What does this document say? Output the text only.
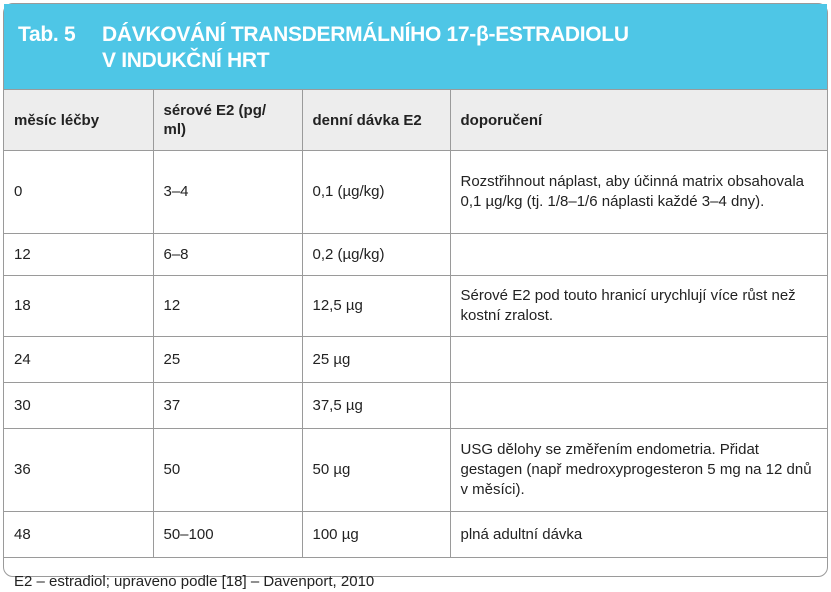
Tab. 5	DÁVKOVÁNÍ TRANSDERMÁLNÍHO 17-β-ESTRADIOLU
V INDUKČNÍ HRT
měsíc léčby	sérové E2 (pg/ ml)	denní dávka E2	doporučení
0	3–4	0,1 (µg/kg)	Rozstřihnout náplast, aby účinná matrix obsahovala 0,1 µg/kg (tj. 1/8–1/6 náplasti každé 3–4 dny).
12	6–8	0,2 (µg/kg)	
18	12	12,5 µg	Sérové E2 pod touto hranicí urychlují více růst než kostní zralost.
24	25	25 µg	
30	37	37,5 µg	
36	50	50 µg	USG dělohy se změřením endometria. Přidat gestagen (např medroxyprogesteron 5 mg na 12 dnů v měsíci).
48	50–100	100 µg	plná adultní dávka
E2 – estradiol; upraveno podle [18] – Davenport, 2010
